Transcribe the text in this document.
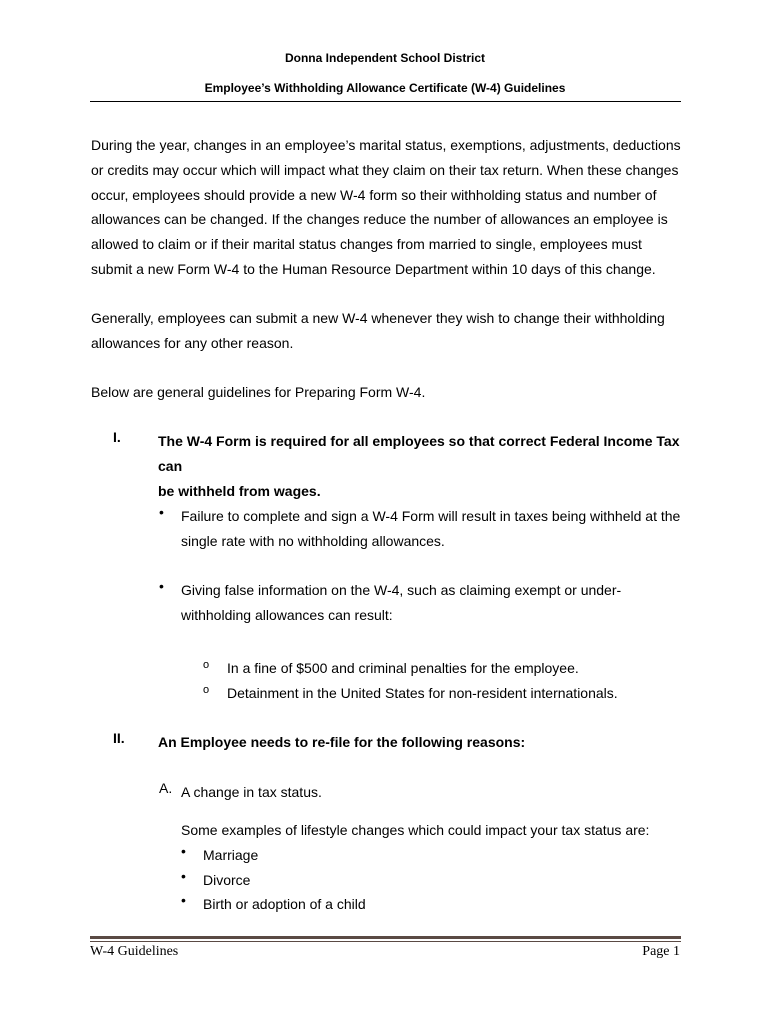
Donna Independent School District
Employee’s Withholding Allowance Certificate (W-4) Guidelines
During the year, changes in an employee’s marital status, exemptions, adjustments, deductions
or credits may occur which will impact what they claim on their tax return. When these changes
occur, employees should provide a new W-4 form so their withholding status and number of
allowances can be changed. If the changes reduce the number of allowances an employee is
allowed to claim or if their marital status changes from married to single, employees must
submit a new Form W-4 to the Human Resource Department within 10 days of this change.
Generally, employees can submit a new W-4 whenever they wish to change their withholding
allowances for any other reason.
Below are general guidelines for Preparing Form W-4.
I.	The W-4 Form is required for all employees so that correct Federal Income Tax can
be withheld from wages.
• Failure to complete and sign a W-4 Form will result in taxes being withheld at the
single rate with no withholding allowances.
• Giving false information on the W-4, such as claiming exempt or under-
withholding allowances can result:
o In a fine of $500 and criminal penalties for the employee.
o Detainment in the United States for non-resident internationals.
II. An Employee needs to re-file for the following reasons:
A. A change in tax status.
Some examples of lifestyle changes which could impact your tax status are:
• Marriage
• Divorce
• Birth or adoption of a child
W-4 Guidelines	Page 1
